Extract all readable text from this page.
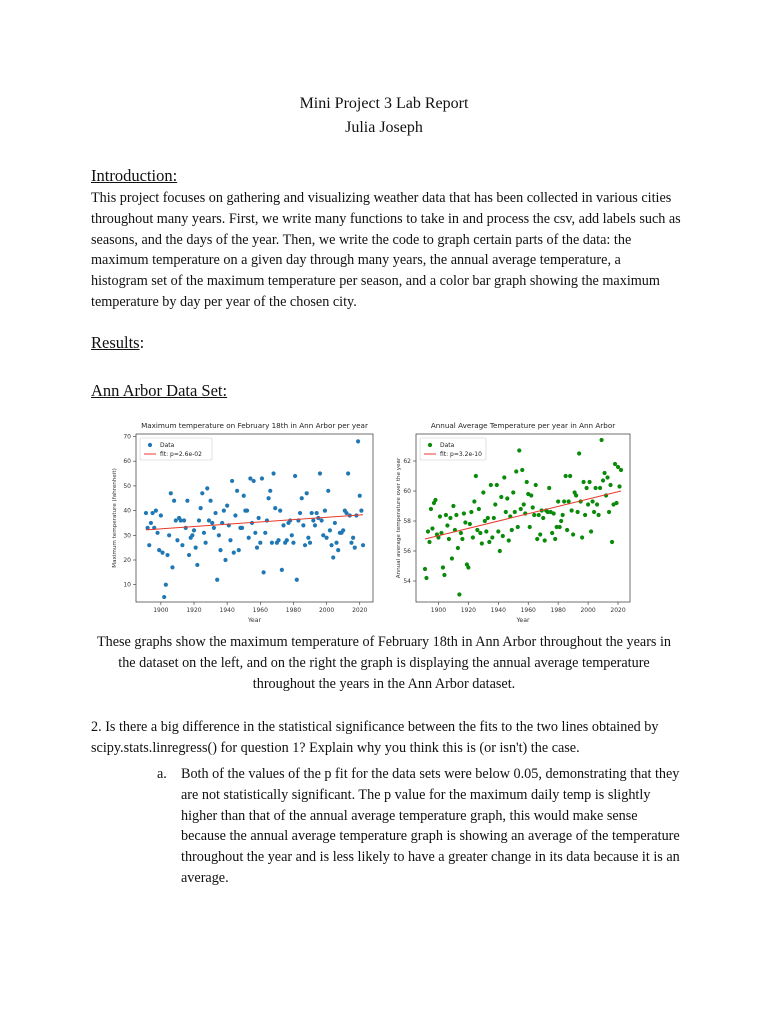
Mini Project 3 Lab Report
Julia Joseph
Introduction:
This project focuses on gathering and visualizing weather data that has been collected in various cities throughout many years. First, we write many functions to take in and process the csv, add labels such as seasons, and the days of the year. Then, we write the code to graph certain parts of the data: the maximum temperature on a given day through many years, the annual average temperature, a histogram set of the maximum temperature per season, and a color bar graph showing the maximum temperature by day per year of the chosen city.
Results:
Ann Arbor Data Set:
Maximum temperature on February 18th in Ann Arbor per year
1900	1920	1940	1960	1980	2000	2020
10
20
30
40
50
60
70
Year
Maximum temperature (fahrenheit)
Data
fit: p=2.6e-02
Annual Average Temperature per year in Ann Arbor
1900 1920 1940 1960 1980 2000 2020
54
56
58
60
62
Year
Annual average temperature over the year
Data
fit: p=3.2e-10
These graphs show the maximum temperature of February 18th in Ann Arbor throughout the years in the dataset on the left, and on the right the graph is displaying the annual average temperature throughout the years in the Ann Arbor dataset.
2. Is there a big difference in the statistical significance between the fits to the two lines obtained by scipy.stats.linregress() for question 1? Explain why you think this is (or isn't) the case.
a. Both of the values of the p fit for the data sets were below 0.05, demonstrating that they are not statistically significant. The p value for the maximum daily temp is slightly higher than that of the annual average temperature graph, this would make sense because the annual average temperature graph is showing an average of the temperature throughout the year and is less likely to have a greater change in its data because it is an average.
